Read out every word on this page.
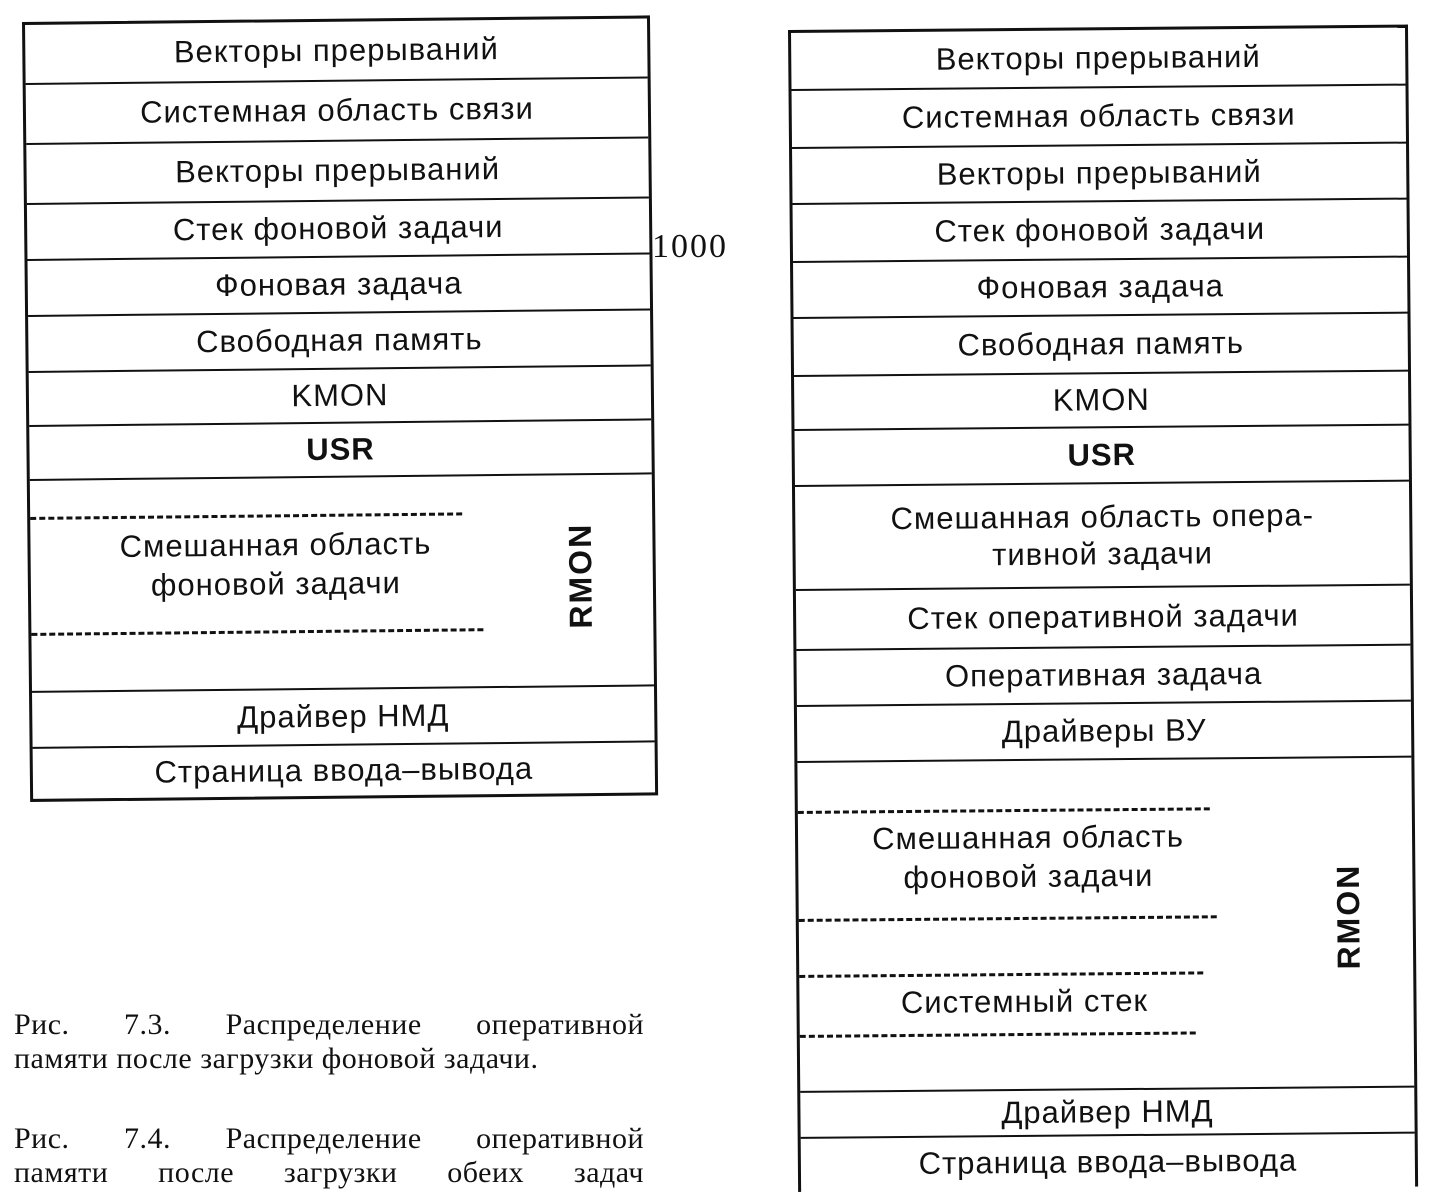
Векторы прерываний
Системная область связи
Векторы прерываний
Стек фоновой задачи
Фоновая задача
Свободная память
KMON
USR
Смешанная область
фоновой задачи	RMON
Драйвер НМД
Страница ввода–вывода
1000
Векторы прерываний
Системная область связи
Векторы прерываний
Стек фоновой задачи
Фоновая задача
Свободная память
KMON
USR
Смешанная область опера-
тивной задачи
Стек оперативной задачи
Оперативная задача
Драйверы ВУ
Смешанная область
фоновой задачи
Системный стек
RMON
Драйвер НМД
Страница ввода–вывода
Рис. 7.3. Распределение оперативной
памяти после загрузки фоновой задачи.
Рис. 7.4. Распределение оперативной
памяти после загрузки обеих задач
